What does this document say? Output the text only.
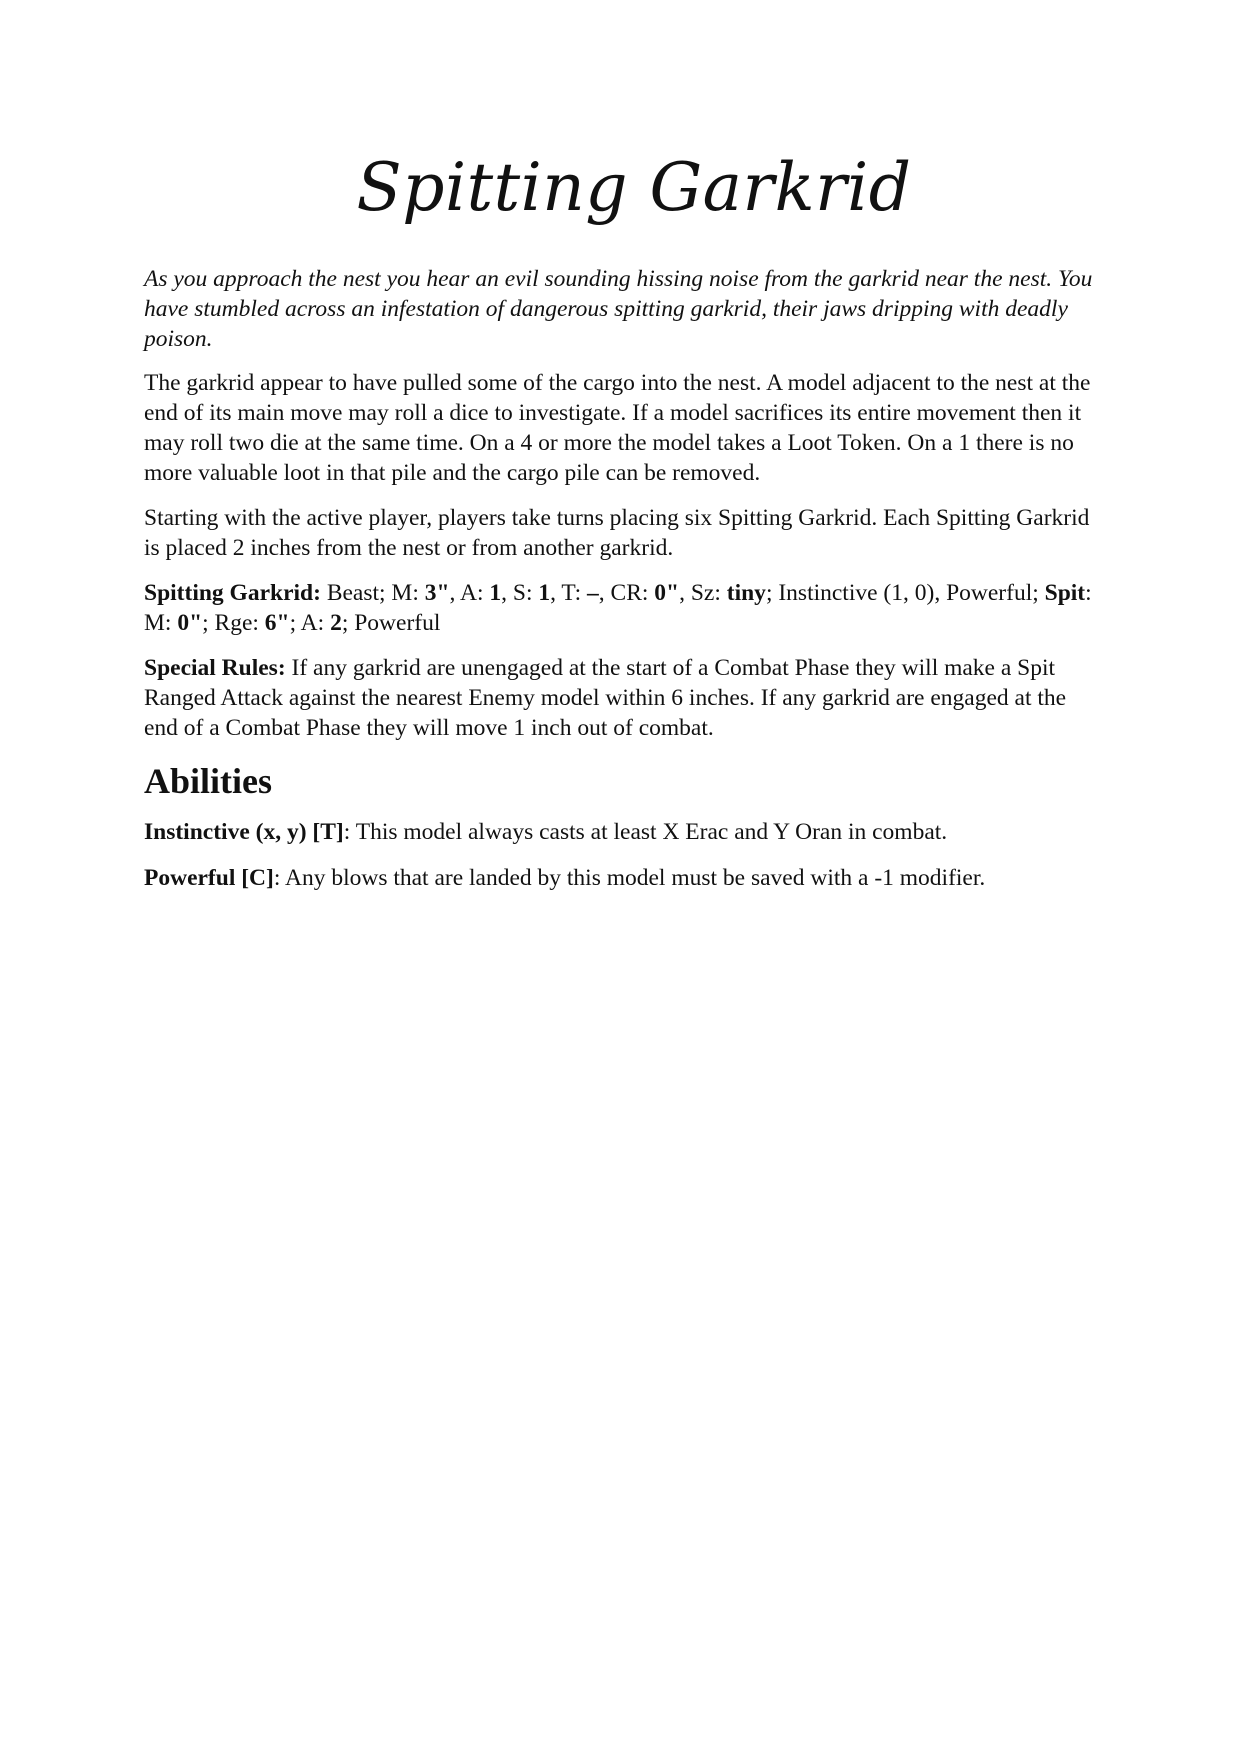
Spitting Garkrid

As you approach the nest you hear an evil sounding hissing noise from the garkrid near the nest. You have stumbled across an infestation of dangerous spitting garkrid, their jaws dripping with deadly poison.

The garkrid appear to have pulled some of the cargo into the nest. A model adjacent to the nest at the end of its main move may roll a dice to investigate. If a model sacrifices its entire movement then it may roll two die at the same time. On a 4 or more the model takes a Loot Token. On a 1 there is no more valuable loot in that pile and the cargo pile can be removed.

Starting with the active player, players take turns placing six Spitting Garkrid. Each Spitting Garkrid is placed 2 inches from the nest or from another garkrid.

Spitting Garkrid: Beast; M: 3", A: 1, S: 1, T: –, CR: 0", Sz: tiny; Instinctive (1, 0), Powerful; Spit: M: 0"; Rge: 6"; A: 2; Powerful

Special Rules: If any garkrid are unengaged at the start of a Combat Phase they will make a Spit Ranged Attack against the nearest Enemy model within 6 inches. If any garkrid are engaged at the end of a Combat Phase they will move 1 inch out of combat.

Abilities

Instinctive (x, y) [T]: This model always casts at least X Erac and Y Oran in combat.

Powerful [C]: Any blows that are landed by this model must be saved with a -1 modifier.
